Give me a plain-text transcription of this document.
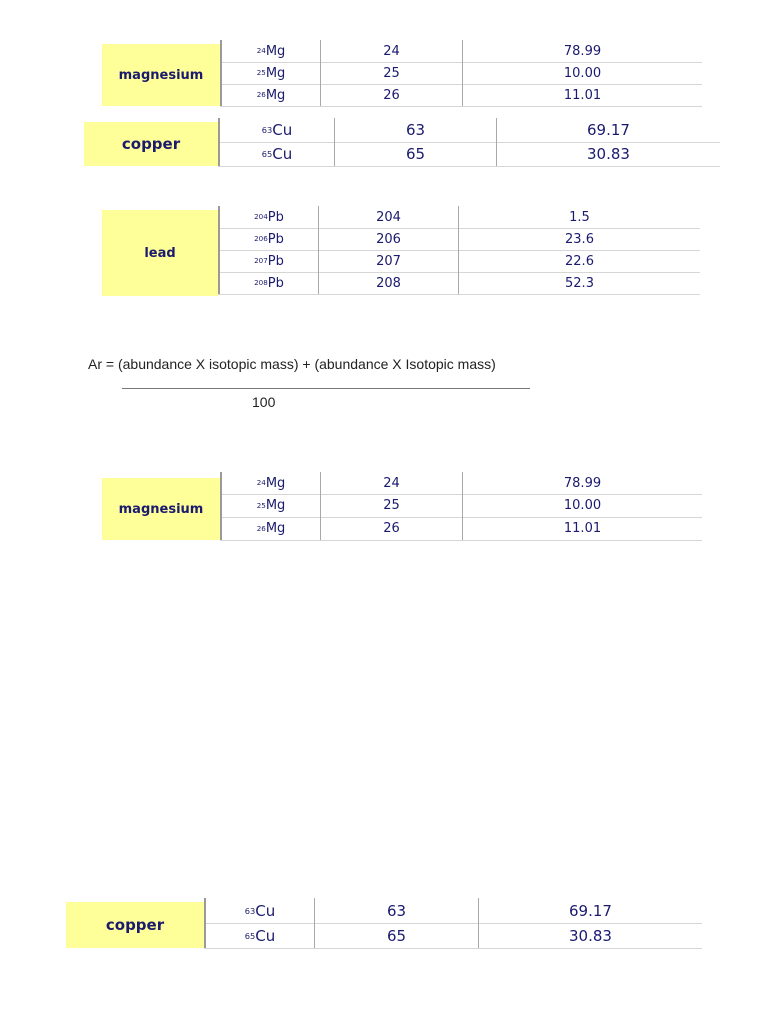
magnesium
24 Mg	24	78.99
25 Mg	25	10.00
26 Mg	26	11.01
copper
63 Cu	63	69.17
65 Cu	65	30.83
lead
204 Pb	204	1.5
206 Pb	206	23.6
207 Pb	207	22.6
208 Pb	208	52.3
Ar = (abundance X isotopic mass) + (abundance X Isotopic mass)
100
magnesium
24 Mg	24	78.99
25 Mg	25	10.00
26 Mg	26	11.01
copper
63 Cu	63	69.17
65 Cu	65	30.83
